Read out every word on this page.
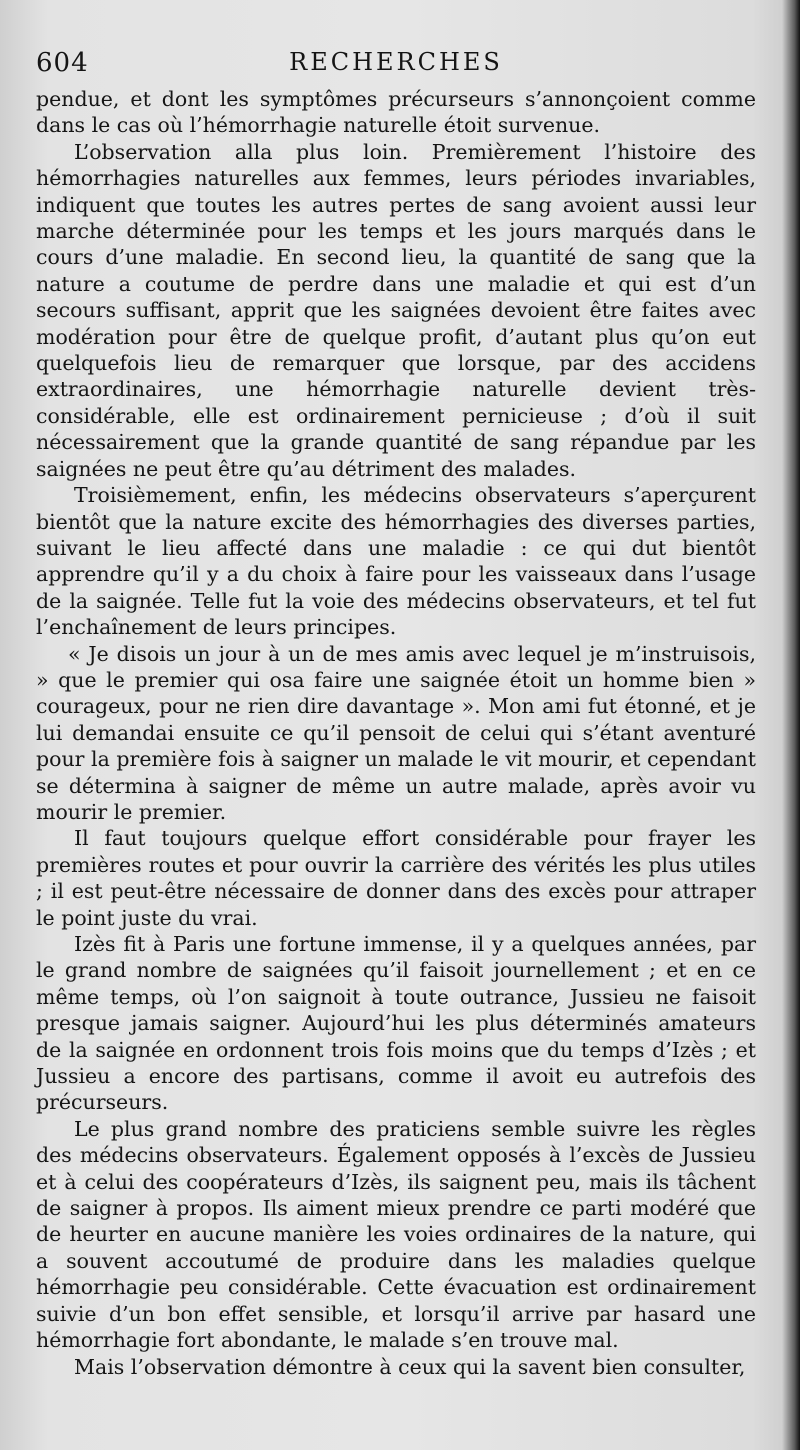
604	RECHERCHES

pendue, et dont les symptômes précurseurs s’annonçoient comme dans le cas où l’hémorrhagie naturelle étoit survenue.

L’observation alla plus loin. Premièrement l’histoire des hémorrhagies naturelles aux femmes, leurs périodes invariables, indiquent que toutes les autres pertes de sang avoient aussi leur marche déterminée pour les temps et les jours marqués dans le cours d’une maladie. En second lieu, la quantité de sang que la nature a coutume de perdre dans une maladie et qui est d’un secours suffisant, apprit que les saignées devoient être faites avec modération pour être de quelque profit, d’autant plus qu’on eut quelquefois lieu de remarquer que lorsque, par des accidens extraordinaires, une hémorrhagie naturelle devient très-considérable, elle est ordinairement pernicieuse ; d’où il suit nécessairement que la grande quantité de sang répandue par les saignées ne peut être qu’au détriment des malades.

Troisièmement, enfin, les médecins observateurs s’aperçurent bientôt que la nature excite des hémorrhagies des diverses parties, suivant le lieu affecté dans une maladie : ce qui dut bientôt apprendre qu’il y a du choix à faire pour les vaisseaux dans l’usage de la saignée. Telle fut la voie des médecins observateurs, et tel fut l’enchaînement de leurs principes.

« Je disois un jour à un de mes amis avec lequel je m’instruisois, » que le premier qui osa faire une saignée étoit un homme bien » courageux, pour ne rien dire davantage ». Mon ami fut étonné, et je lui demandai ensuite ce qu’il pensoit de celui qui s’étant aventuré pour la première fois à saigner un malade le vit mourir, et cependant se détermina à saigner de même un autre malade, après avoir vu mourir le premier.

Il faut toujours quelque effort considérable pour frayer les premières routes et pour ouvrir la carrière des vérités les plus utiles ; il est peut-être nécessaire de donner dans des excès pour attraper le point juste du vrai.

Izès fit à Paris une fortune immense, il y a quelques années, par le grand nombre de saignées qu’il faisoit journellement ; et en ce même temps, où l’on saignoit à toute outrance, Jussieu ne faisoit presque jamais saigner. Aujourd’hui les plus déterminés amateurs de la saignée en ordonnent trois fois moins que du temps d’Izès ; et Jussieu a encore des partisans, comme il avoit eu autrefois des précurseurs.

Le plus grand nombre des praticiens semble suivre les règles des médecins observateurs. Également opposés à l’excès de Jussieu et à celui des coopérateurs d’Izès, ils saignent peu, mais ils tâchent de saigner à propos. Ils aiment mieux prendre ce parti modéré que de heurter en aucune manière les voies ordinaires de la nature, qui a souvent accoutumé de produire dans les maladies quelque hémorrhagie peu considérable. Cette évacuation est ordinairement suivie d’un bon effet sensible, et lorsqu’il arrive par hasard une hémorrhagie fort abondante, le malade s’en trouve mal.

Mais l’observation démontre à ceux qui la savent bien consulter,
